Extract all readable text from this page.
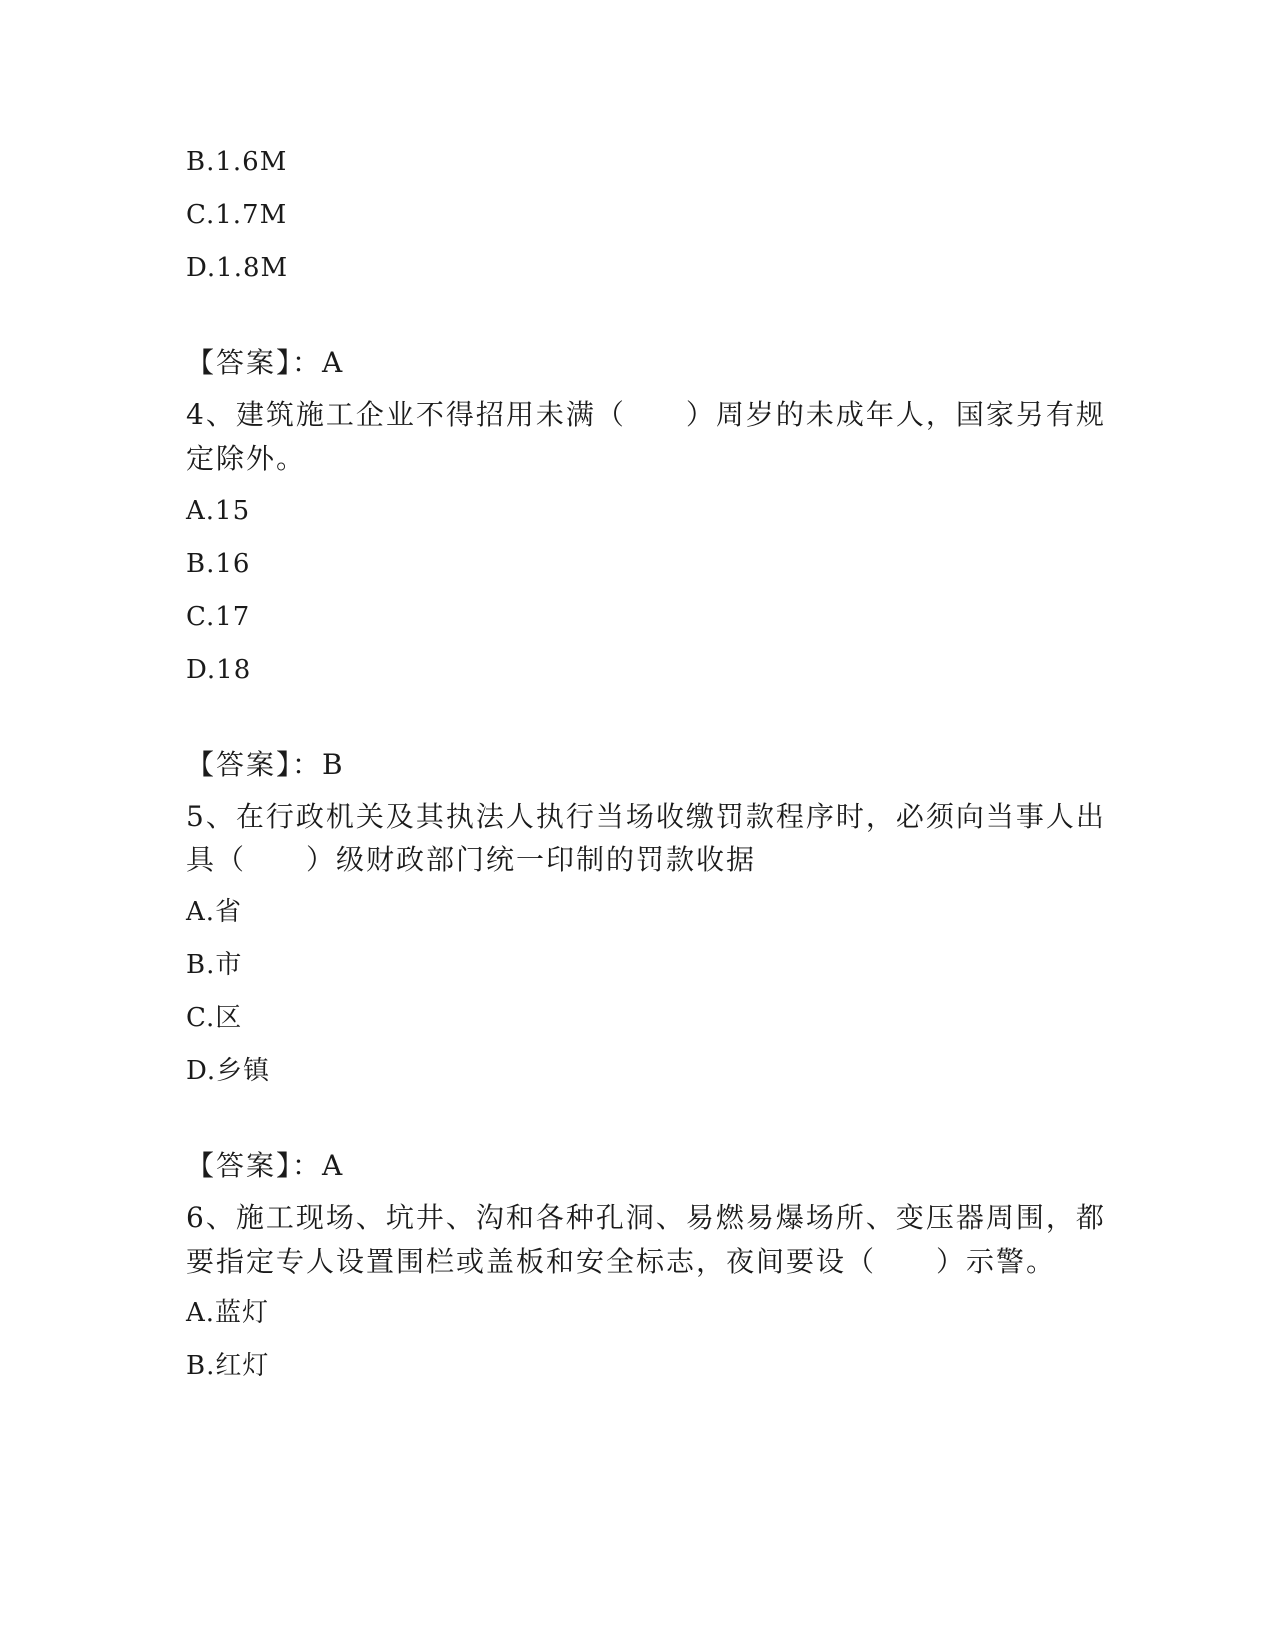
B.1.6M
C.1.7M
D.1.8M
【答案】：A
4、建筑施工企业不得招用未满（　　）周岁的未成年人，国家另有规
定除外。
A.15
B.16
C.17
D.18
【答案】：B
5、在行政机关及其执法人执行当场收缴罚款程序时，必须向当事人出
具（　　）级财政部门统一印制的罚款收据
A.省
B.市
C.区
D.乡镇
【答案】：A
6、施工现场、坑井、沟和各种孔洞、易燃易爆场所、变压器周围，都
要指定专人设置围栏或盖板和安全标志，夜间要设（　　）示警。
A.蓝灯
B.红灯
